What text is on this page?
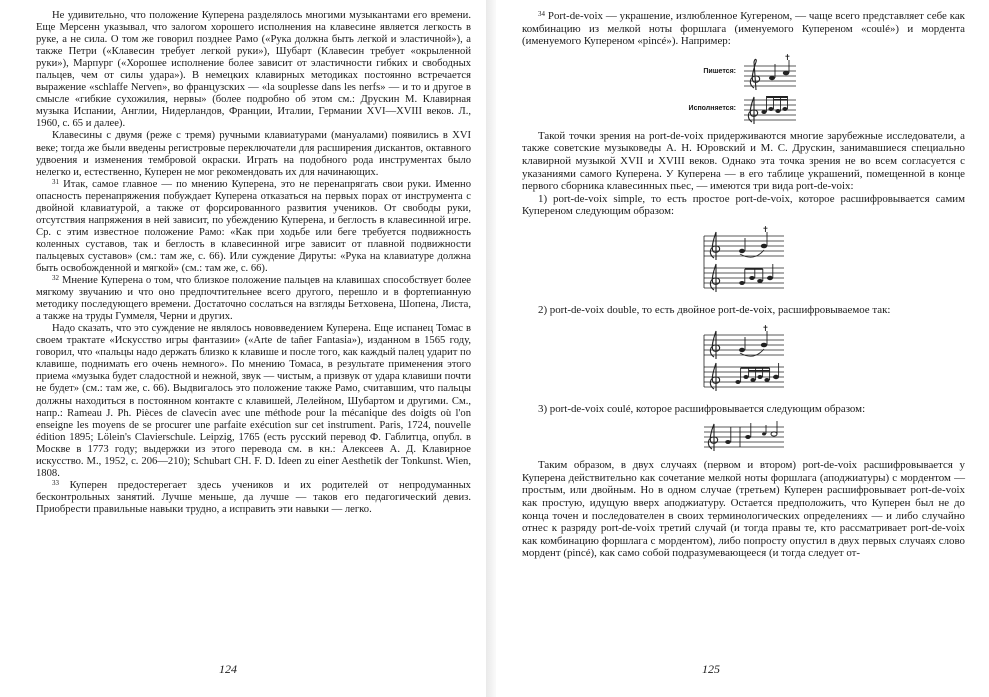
Не удивительно, что положение Куперена разделялось многими музыкантами его времени. Еще Мерсенн указывал, что залогом хорошего исполнения на клавесине является легкость в руке, а не сила. О том же говорил позднее Рамо («Рука должна быть легкой и эластичной»), а также Петри («Клавесин требует легкой руки»), Шубарт (Клавесин требует «окрыленной руки»), Марпург («Хорошее исполнение более зависит от эластичности гибких и свободных пальцев, чем от силы удара»). В немецких клавирных методиках постоянно встречается выражение «schlaffe Nerven», во французских — «la souplesse dans les nerfs» — и то и другое в смысле «гибкие сухожилия, нервы» (более подробно об этом см.: Друскин М. Клавирная музыка Испании, Англии, Нидерландов, Франции, Италии, Германии XVI—XVIII веков. Л., 1960, с. 65 и далее).

Клавесины с двумя (реже с тремя) ручными клавиатурами (мануалами) появились в XVI веке; тогда же были введены регистровые переключатели для расширения дискантов, октавного удвоения и изменения тембровой окраски. Играть на подобного рода инструментах было нелегко и, естественно, Куперен не мог рекомендовать их для начинающих.

$^{31}$ Итак, самое главное — по мнению Куперена, это не перенапрягать свои руки. Именно опасность перенапряжения побуждает Куперена отказаться на первых порах от инструмента с двойной клавиатурой, а также от форсированного развития учеников. От свободы руки, отсутствия напряжения в ней зависит, по убеждению Куперена, и беглость в клавесинной игре. Ср. с этим известное положение Рамо: «Как при ходьбе или беге требуется подвижность коленных суставов, так и беглость в клавесинной игре зависит от плавной подвижности пальцевых суставов» (см.: там же, с. 66). Или суждение Дируты: «Рука на клавиатуре должна быть освобожденной и мягкой» (см.: там же, с. 66).

$^{32}$ Мнение Куперена о том, что близкое положение пальцев на клавишах способствует более мягкому звучанию и что оно предпочтительнее всего другого, перешло и в фортепианную методику последующего времени. Достаточно сослаться на взгляды Бетховена, Шопена, Листа, а также на труды Гуммеля, Черни и других.

Надо сказать, что это суждение не являлось нововведением Куперена. Еще испанец Томас в своем трактате «Искусство игры фантазии» («Arte de tañer Fantasia»), изданном в 1565 году, говорил, что «пальцы надо держать близко к клавише и после того, как каждый палец ударит по клавише, поднимать его очень немного». По мнению Томаса, в результате применения этого приема «музыка будет сладостной и нежной, звук — чистым, а призвук от удара клавиши почти не будет» (см.: там же, с. 66). Выдвигалось это положение также Рамо, считавшим, что пальцы должны находиться в постоянном контакте с клавишей, Лелейном, Шубартом и другими. См., напр.: Rameau J. Ph. Pièces de clavecin avec une méthode pour la mécanique des doigts où l'on enseigne les moyens de se procurer une parfaite exécution sur cet instrument. Paris, 1724, nouvelle édition 1895; Lölein's Clavierschule. Leipzig, 1765 (есть русский перевод Ф. Габлитца, опубл. в Москве в 1773 году; выдержки из этого перевода см. в кн.: Алексеев А. Д. Клавирное искусство. М., 1952, с. 206—210); Schubart CH. F. D. Ideen zu einer Aesthetik der Tonkunst. Wien, 1808.

$^{33}$ Куперен предостерегает здесь учеников и их родителей от непродуманных бесконтрольных занятий. Лучше меньше, да лучше — таков его педагогический девиз. Приобрести правильные навыки трудно, а исправить эти навыки — легко.

124

$^{34}$ Port-de-voix — украшение, излюбленное Кугереном, — чаще всего представляет себе как комбинацию из мелкой ноты форшлага (именуемого Купереном «coulé») и мордента (именуемого Купереном «pincé»). Например:

Пишется:
✝
Исполняется:

Такой точки зрения на port-de-voix придерживаются многие зарубежные исследователи, а также советские музыковеды А. Н. Юровский и М. С. Друскин, занимавшиеся специально клавирной музыкой XVII и XVIII веков. Однако эта точка зрения не во всем согласуется с указаниями самого Куперена. У Куперена — в его таблице украшений, помещенной в конце первого сборника клавесинных пьес, — имеются три вида port-de-voix:

1) port-de-voix simple, то есть простое port-de-voix, которое расшифровывается самим Купереном следующим образом:

✝

2) port-de-voix double, то есть двойное port-de-voix, расшифровываемое так:

✝

3) port-de-voix coulé, которое расшифровывается следующим образом:

Таким образом, в двух случаях (первом и втором) port-de-voix расшифровывается у Куперена действительно как сочетание мелкой ноты форшлага (аподжиатуры) с мордентом — простым, или двойным. Но в одном случае (третьем) Куперен расшифровывает port-de-voix как простую, идущую вверх аподжиатуру. Остается предположить, что Куперен был не до конца точен и последователен в своих терминологических определениях — и либо случайно отнес к разряду port-de-voix третий случай (и тогда правы те, кто рассматривает port-de-voix как комбинацию форшлага с мордентом), либо попросту опустил в двух первых случаях слово мордент (pincé), как само собой подразумевающееся (и тогда следует от-

125
